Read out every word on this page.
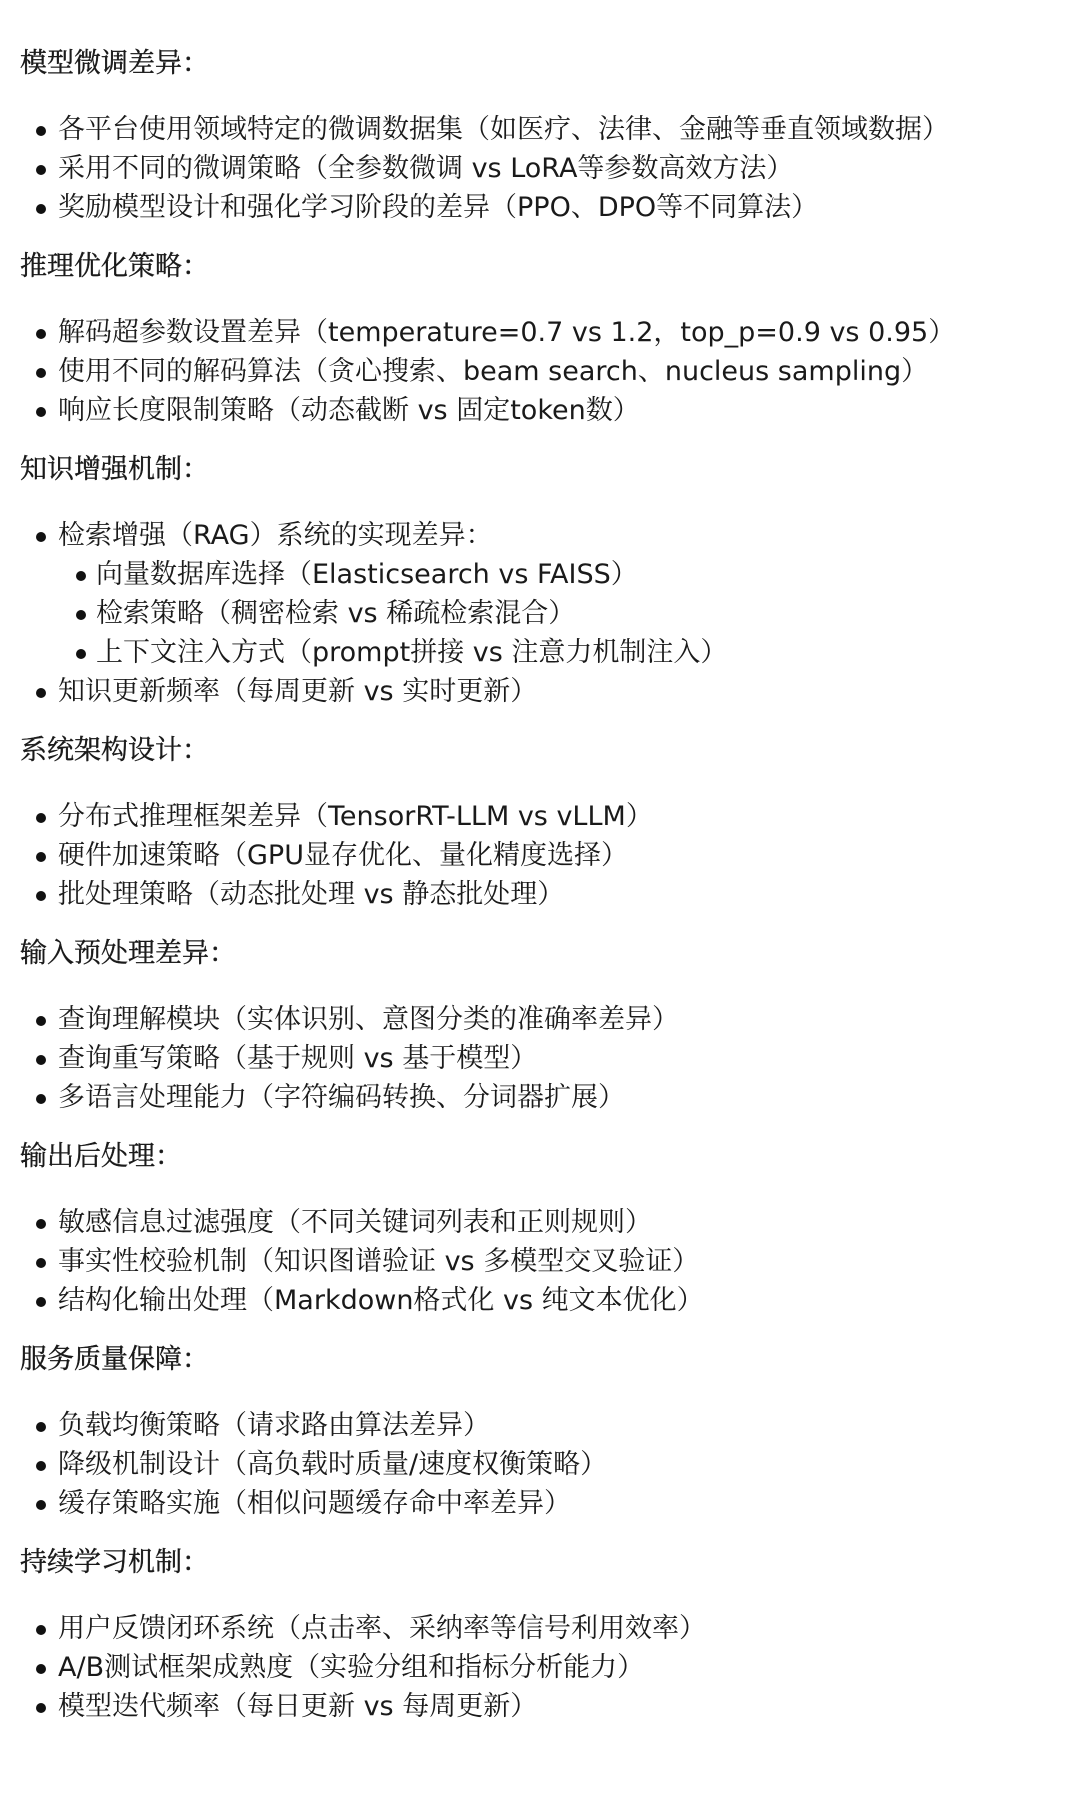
模型微调差异：
各平台使用领域特定的微调数据集（如医疗、法律、金融等垂直领域数据）
采用不同的微调策略（全参数微调 vs LoRA等参数高效方法）
奖励模型设计和强化学习阶段的差异（PPO、DPO等不同算法）
推理优化策略：
解码超参数设置差异（temperature=0.7 vs 1.2，top_p=0.9 vs 0.95）
使用不同的解码算法（贪心搜索、beam search、nucleus sampling）
响应长度限制策略（动态截断 vs 固定token数）
知识增强机制：
检索增强（RAG）系统的实现差异：
向量数据库选择（Elasticsearch vs FAISS）
检索策略（稠密检索 vs 稀疏检索混合）
上下文注入方式（prompt拼接 vs 注意力机制注入）
知识更新频率（每周更新 vs 实时更新）
系统架构设计：
分布式推理框架差异（TensorRT-LLM vs vLLM）
硬件加速策略（GPU显存优化、量化精度选择）
批处理策略（动态批处理 vs 静态批处理）
输入预处理差异：
查询理解模块（实体识别、意图分类的准确率差异）
查询重写策略（基于规则 vs 基于模型）
多语言处理能力（字符编码转换、分词器扩展）
输出后处理：
敏感信息过滤强度（不同关键词列表和正则规则）
事实性校验机制（知识图谱验证 vs 多模型交叉验证）
结构化输出处理（Markdown格式化 vs 纯文本优化）
服务质量保障：
负载均衡策略（请求路由算法差异）
降级机制设计（高负载时质量/速度权衡策略）
缓存策略实施（相似问题缓存命中率差异）
持续学习机制：
用户反馈闭环系统（点击率、采纳率等信号利用效率）
A/B测试框架成熟度（实验分组和指标分析能力）
模型迭代频率（每日更新 vs 每周更新）
